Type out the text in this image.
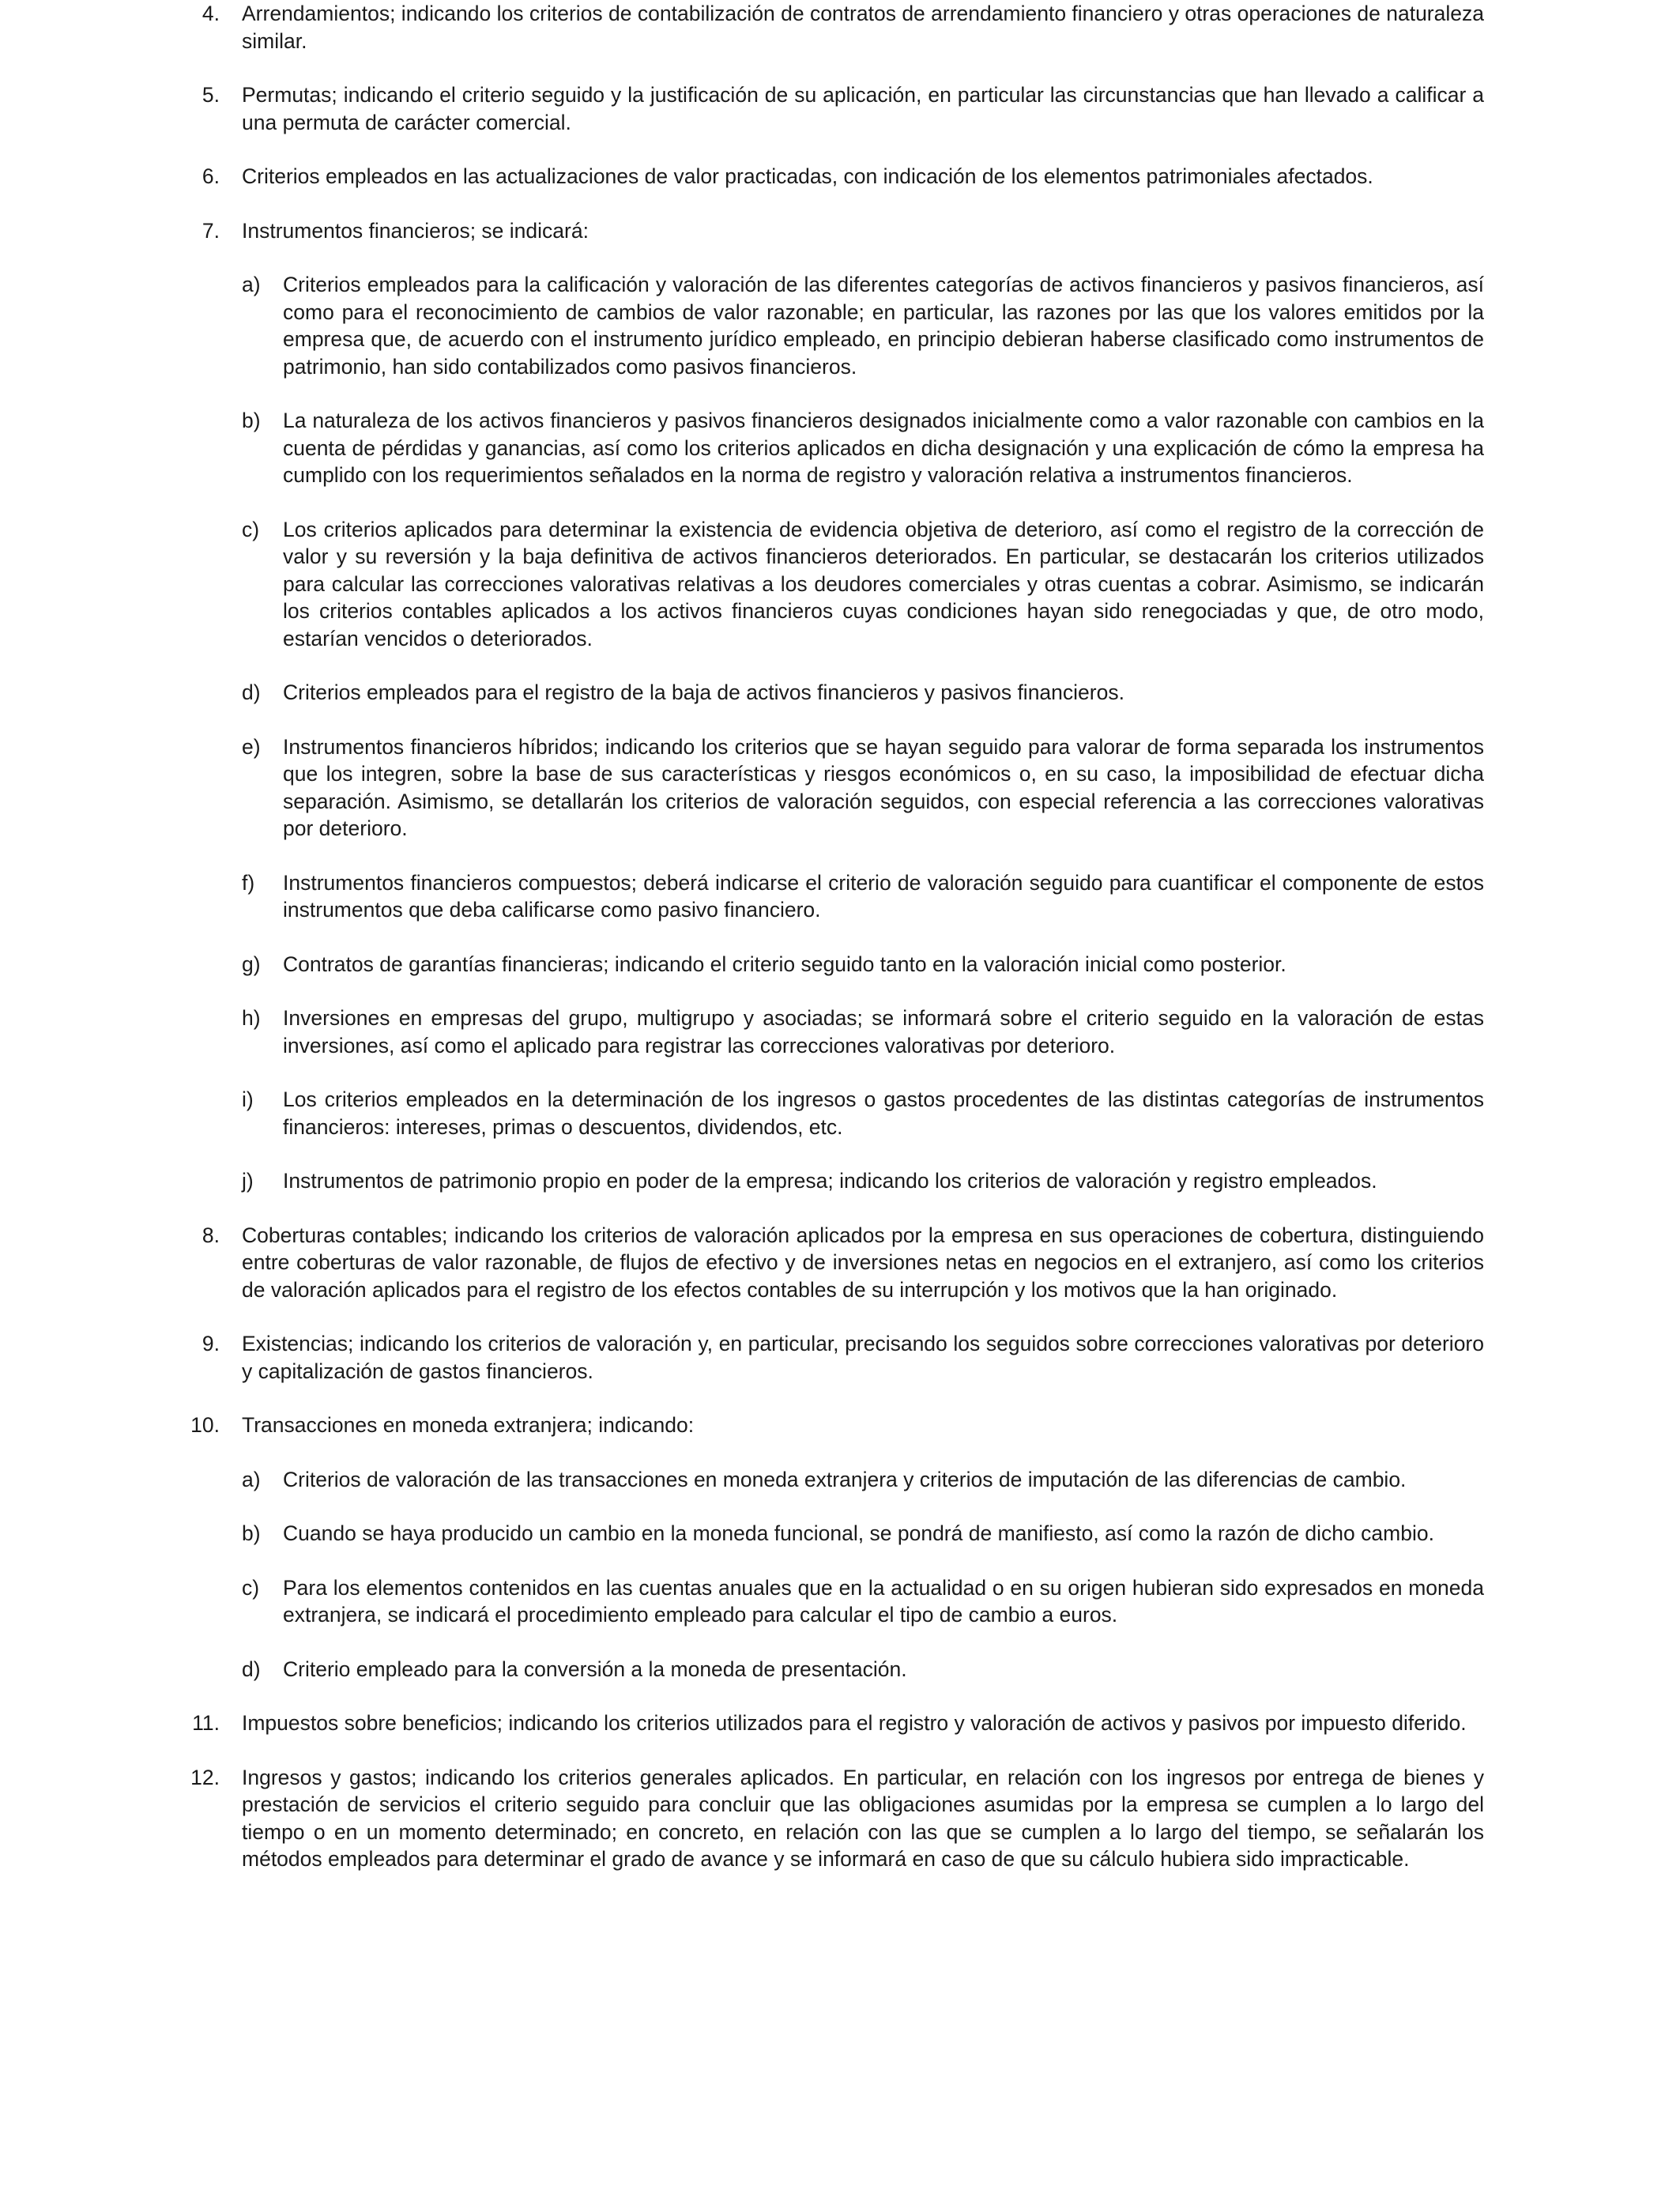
4. Arrendamientos; indicando los criterios de contabilización de contratos de arrendamiento financiero y otras operaciones de naturaleza similar.
5. Permutas; indicando el criterio seguido y la justificación de su aplicación, en particular las circunstancias que han llevado a calificar a una permuta de carácter comercial.
6. Criterios empleados en las actualizaciones de valor practicadas, con indicación de los elementos patrimoniales afectados.
7. Instrumentos financieros; se indicará:
a) Criterios empleados para la calificación y valoración de las diferentes categorías de activos financieros y pasivos financieros, así como para el reconocimiento de cambios de valor razonable; en particular, las razones por las que los valores emitidos por la empresa que, de acuerdo con el instrumento jurídico empleado, en principio debieran haberse clasificado como instrumentos de patrimonio, han sido contabilizados como pasivos financieros.
b) La naturaleza de los activos financieros y pasivos financieros designados inicialmente como a valor razonable con cambios en la cuenta de pérdidas y ganancias, así como los criterios aplicados en dicha designación y una explicación de cómo la empresa ha cumplido con los requerimientos señalados en la norma de registro y valoración relativa a instrumentos financieros.
c) Los criterios aplicados para determinar la existencia de evidencia objetiva de deterioro, así como el registro de la corrección de valor y su reversión y la baja definitiva de activos financieros deteriorados. En particular, se destacarán los criterios utilizados para calcular las correcciones valorativas relativas a los deudores comerciales y otras cuentas a cobrar. Asimismo, se indicarán los criterios contables aplicados a los activos financieros cuyas condiciones hayan sido renegociadas y que, de otro modo, estarían vencidos o deteriorados.
d) Criterios empleados para el registro de la baja de activos financieros y pasivos financieros.
e) Instrumentos financieros híbridos; indicando los criterios que se hayan seguido para valorar de forma separada los instrumentos que los integren, sobre la base de sus características y riesgos económicos o, en su caso, la imposibilidad de efectuar dicha separación. Asimismo, se detallarán los criterios de valoración seguidos, con especial referencia a las correcciones valorativas por deterioro.
f) Instrumentos financieros compuestos; deberá indicarse el criterio de valoración seguido para cuantificar el componente de estos instrumentos que deba calificarse como pasivo financiero.
g) Contratos de garantías financieras; indicando el criterio seguido tanto en la valoración inicial como posterior.
h) Inversiones en empresas del grupo, multigrupo y asociadas; se informará sobre el criterio seguido en la valoración de estas inversiones, así como el aplicado para registrar las correcciones valorativas por deterioro.
i) Los criterios empleados en la determinación de los ingresos o gastos procedentes de las distintas categorías de instrumentos financieros: intereses, primas o descuentos, dividendos, etc.
j) Instrumentos de patrimonio propio en poder de la empresa; indicando los criterios de valoración y registro empleados.
8. Coberturas contables; indicando los criterios de valoración aplicados por la empresa en sus operaciones de cobertura, distinguiendo entre coberturas de valor razonable, de flujos de efectivo y de inversiones netas en negocios en el extranjero, así como los criterios de valoración aplicados para el registro de los efectos contables de su interrupción y los motivos que la han originado.
9. Existencias; indicando los criterios de valoración y, en particular, precisando los seguidos sobre correcciones valorativas por deterioro y capitalización de gastos financieros.
10. Transacciones en moneda extranjera; indicando:
a) Criterios de valoración de las transacciones en moneda extranjera y criterios de imputación de las diferencias de cambio.
b) Cuando se haya producido un cambio en la moneda funcional, se pondrá de manifiesto, así como la razón de dicho cambio.
c) Para los elementos contenidos en las cuentas anuales que en la actualidad o en su origen hubieran sido expresados en moneda extranjera, se indicará el procedimiento empleado para calcular el tipo de cambio a euros.
d) Criterio empleado para la conversión a la moneda de presentación.
11. Impuestos sobre beneficios; indicando los criterios utilizados para el registro y valoración de activos y pasivos por impuesto diferido.
12. Ingresos y gastos; indicando los criterios generales aplicados. En particular, en relación con los ingresos por entrega de bienes y prestación de servicios el criterio seguido para concluir que las obligaciones asumidas por la empresa se cumplen a lo largo del tiempo o en un momento determinado; en concreto, en relación con las que se cumplen a lo largo del tiempo, se señalarán los métodos empleados para determinar el grado de avance y se informará en caso de que su cálculo hubiera sido impracticable.
